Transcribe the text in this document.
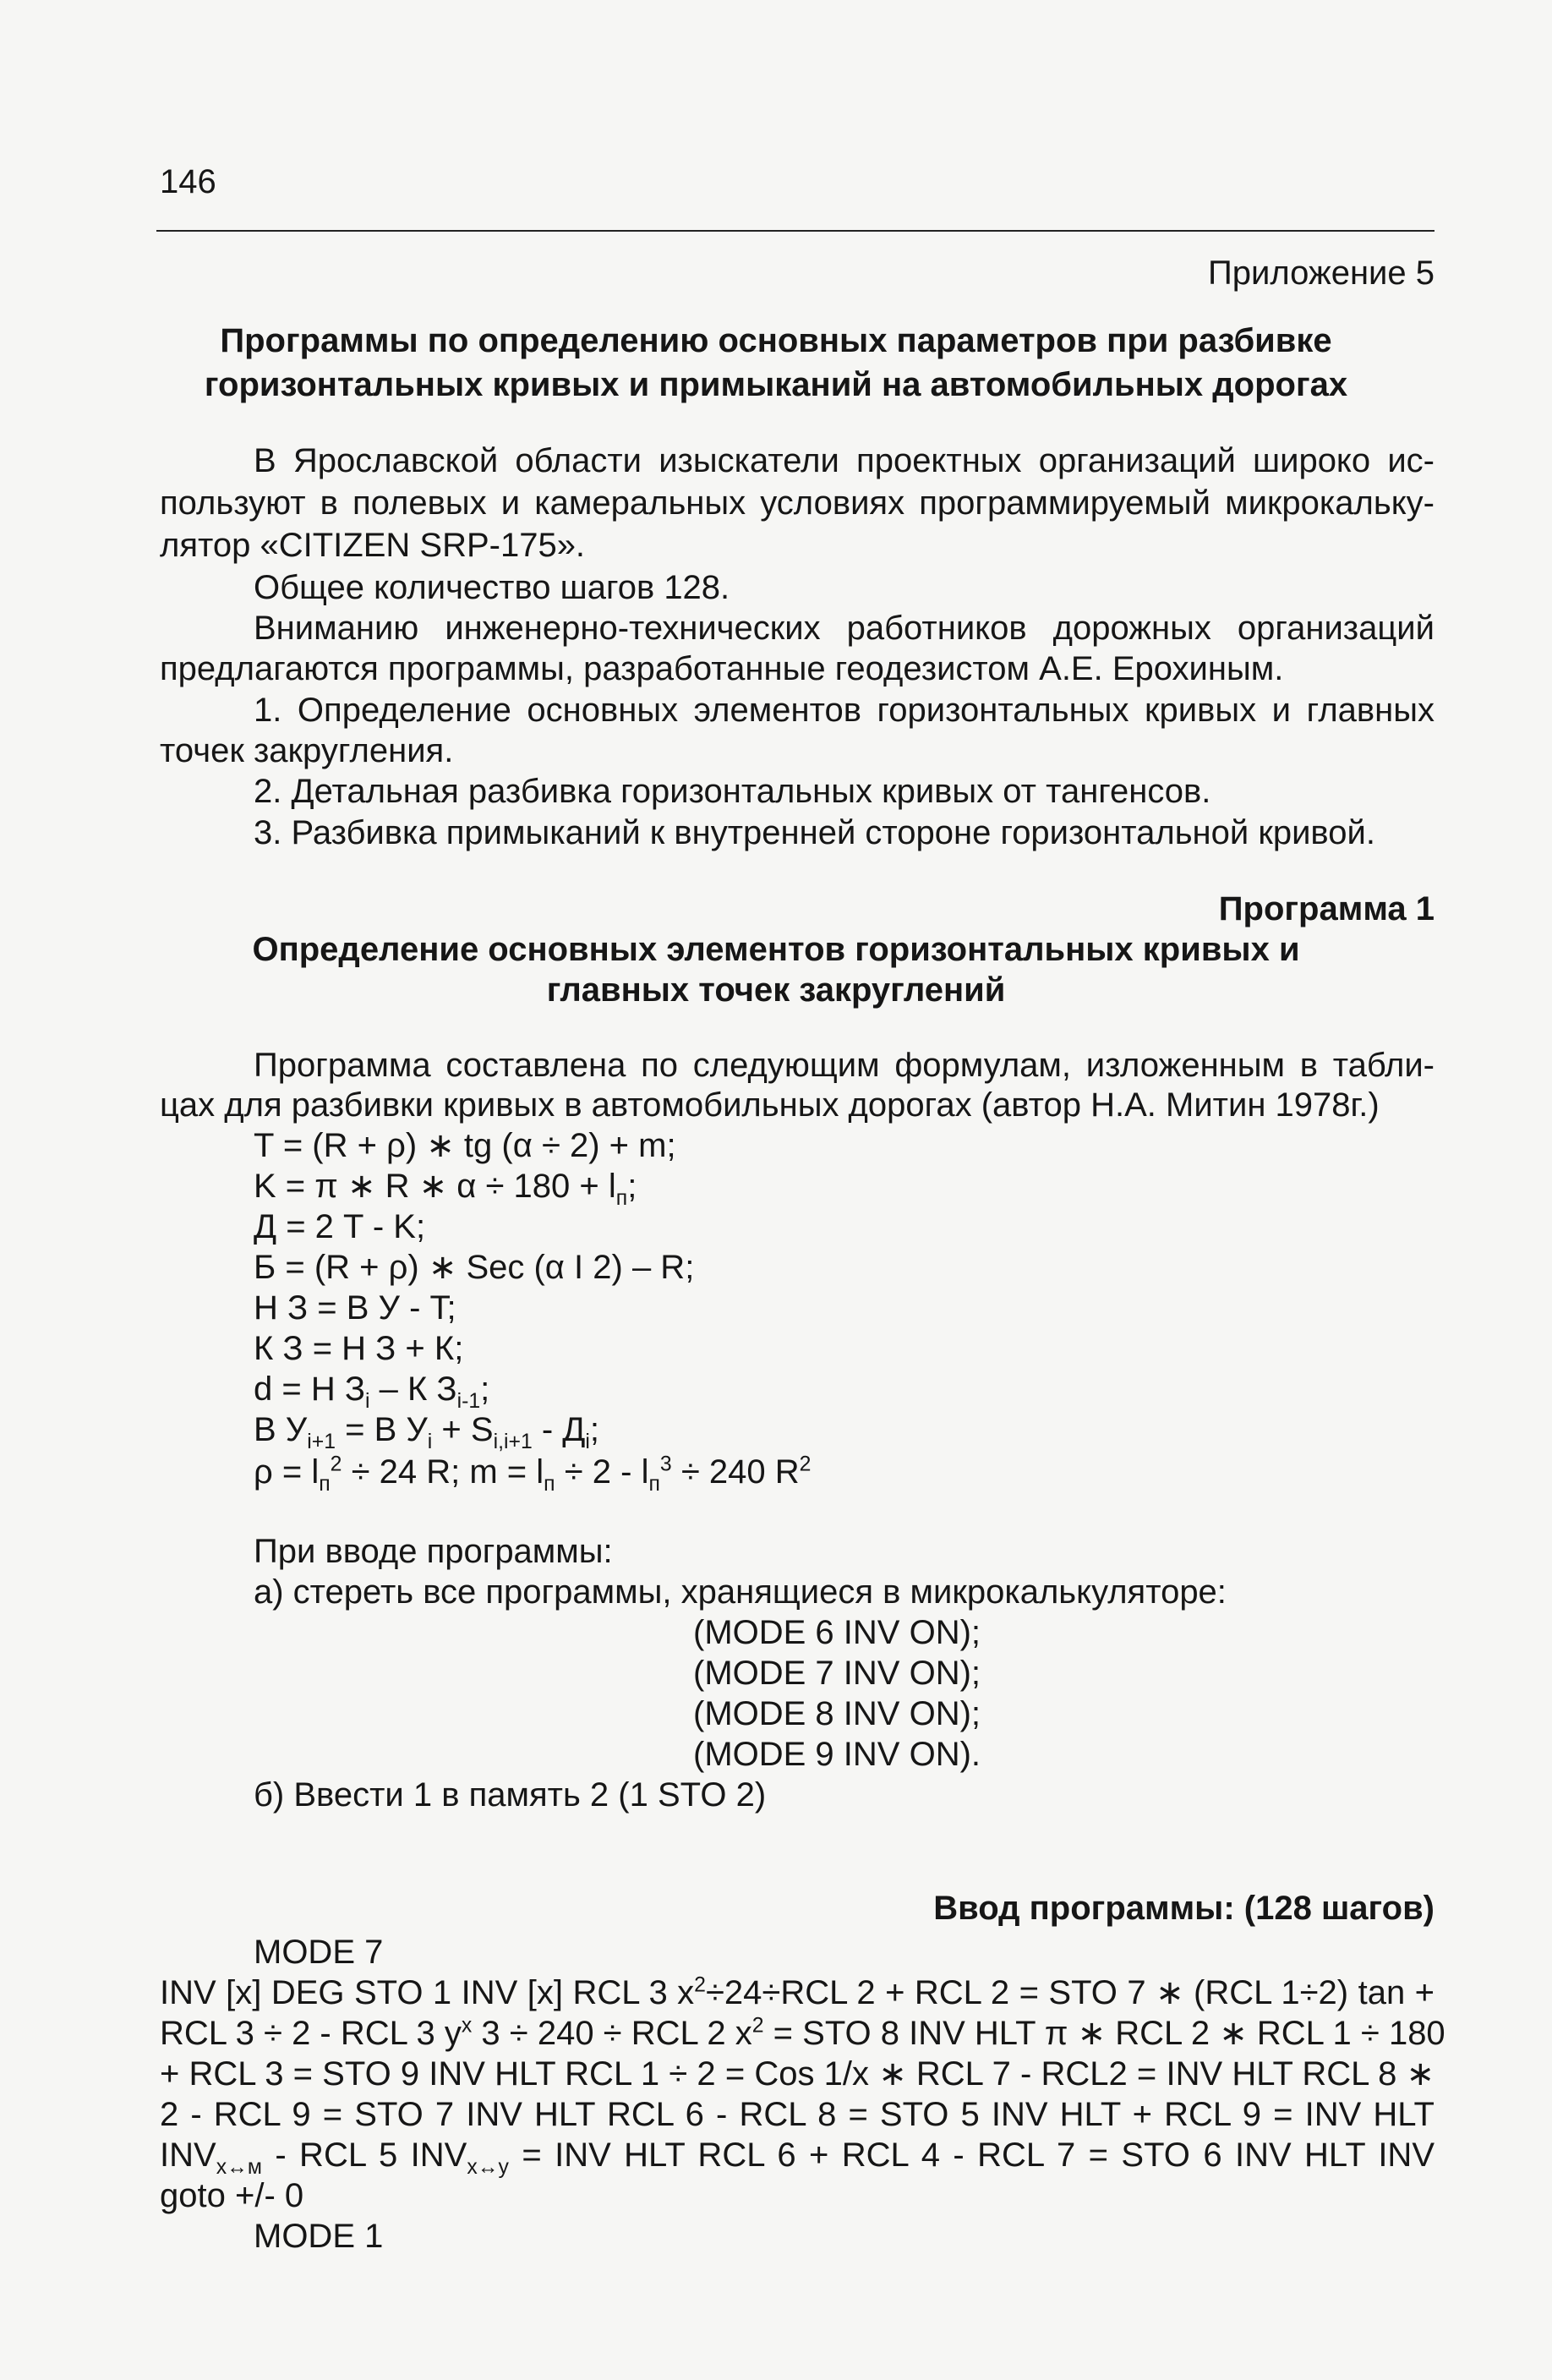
146
Приложение 5
Программы по определению основных параметров при разбивке
горизонтальных кривых и примыканий на автомобильных дорогах
В Ярославской области изыскатели проектных организаций широко ис-
пользуют в полевых и камеральных условиях программируемый микрокальку-
лятор «CITIZEN SRP-175».
Общее количество шагов 128.
Вниманию инженерно-технических работников дорожных организаций
предлагаются программы, разработанные геодезистом А.Е. Ерохиным.
1. Определение основных элементов горизонтальных кривых и главных
точек закругления.
2. Детальная разбивка горизонтальных кривых от тангенсов.
3. Разбивка примыканий к внутренней стороне горизонтальной кривой.
Программа 1
Определение основных элементов горизонтальных кривых и
главных точек закруглений
Программа составлена по следующим формулам, изложенным в табли-
цах для разбивки кривых в автомобильных дорогах (автор Н.А. Митин 1978г.)
T = (R + ρ) ∗ tg (α ÷ 2) + m;
K = π ∗ R ∗ $\alpha \div 180 + l_п$;
Д = 2 T - K;
Б = (R + ρ) ∗ Sec (α I 2) – R;
H З = В У - T;
К З = Н З + К;
d = H $З_i$ – К $З_{i-1}$;
В $У_{i+1} = В$ $У_i + S_{i,i+1} - Д_i$;
$\rho = l_п^2 \div 24$ R; $m = l_п \div 2 - l_п^3 \div 240$ $R^2$
При вводе программы:
а) стереть все программы, хранящиеся в микрокалькуляторе:
(MODE 6 INV ON);
(MODE 7 INV ON);
(MODE 8 INV ON);
(MODE 9 INV ON).
б) Ввести 1 в память 2 (1 STO 2)
Ввод программы: (128 шагов)
MODE 7
INV [x] DEG STO 1 INV [x] RCL 3 $x^2\div 24\div RCL$ 2 + RCL 2 = STO 7 ∗ (RCL 1÷2) tan +
RCL 3 ÷ 2 - RCL 3 $y^x$ 3 ÷ 240 ÷ RCL 2 $x^2$ = STO 8 INV HLT π ∗ RCL 2 ∗ RCL 1 ÷ 180
+ RCL 3 = STO 9 INV HLT RCL 1 ÷ 2 = Cos 1/x ∗ RCL 7 - RCL2 = INV HLT RCL 8 ∗
2 - RCL 9 = STO 7 INV HLT RCL 6 - RCL 8 = STO 5 INV HLT + RCL 9 = INV HLT
$INV_{x\leftrightarrow м}$ - RCL 5 $INV_{x\leftrightarrow y}$ = INV HLT RCL 6 + RCL 4 - RCL 7 = STO 6 INV HLT INV
goto +/- 0
MODE 1
